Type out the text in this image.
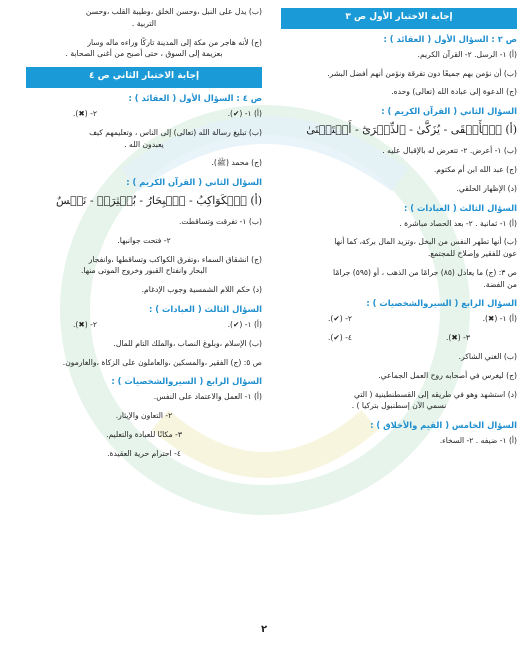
إجابة الاختبار الأول ص ٣
ص ٢ : السؤال الأول ( العقائد ) :
(أ) ١- الرسل. ٢- القرآن الكريم.
(ب) أن نؤمن بهم جميعًا دون تفرقة ونؤمن أنهم أفضل البشر.
(ج) الدعوة إلى عبادة الله (تعالى) وحده.
السؤال الثاني ( القرآن الكريم ) :
(أ) ٱلۡأَتۡقَى - يُزَكَّىٰ - ٱلذِّكۡرَىٰٓ - أَسۡتَغۡنَىٰ
(ب) ١- أعرض. ٢- تتعرض له بالإقبال عليه .
(ج) عبد الله ابن أم مكتوم.
(د) الإظهار الحلقي.
السؤال الثالث ( العبادات ) :
(أ) ١- ثمانية . ٢- بعد الحصاد مباشرة .
(ب) أنها تطهر النفس من البخل ،وتزيد المال بركة، كما أنها
عون للفقير وإصلاح للمجتمع.
ص ٣: (ج) ما يعادل (٨٥) جرامًا من الذهب ، أو (٥٩٥) جرامًا
من الفضة.
السؤال الرابع ( السيروالشخصيات ) :
(أ) ١- (✖).
٢- (✔).
٣- (✖).
٤- (✔).
(ب) الغني الشاكر.
(ج) ليغرس في أصحابه روح العمل الجماعي.
(د) استشهد وهو في طريقه إلى القسطنطينية ( التي
نسمي الآن إسطنبول بتركيا ) .
السؤال الخامس ( القيم والأخلاق ) :
(أ) ١- ضيفه . ٢- السخاء.
(ب) يدل على النبل ،وحسن الخلق ،وطيبة القلب ،وحسن
التربية .
(ج) لأنه هاجر من مكة إلى المدينة تاركًا وراءه ماله وسار
بعزيمة إلى السوق ، حتى أصبح من أغنى الصحابة .
إجابة الاختبار الثاني ص ٤
ص ٤ : السؤال الأول ( العقائد ) :
(أ) ١- (✔).
٢- (✖).
(ب) تبليغ رسالة الله (تعالى) إلى الناس ، وتعليمهم كيف
يعبدون الله .
(ج) محمد (ﷺ).
السؤال الثاني ( القرآن الكريم ) :
(أ) ٱلۡكَوَاكِبُ - ٱلۡبِحَارُ - بُعۡثِرَتۡ - نَفۡسٌ
(ب) ١- تفرقت وتساقطت.
٢- فتحت جوانبها.
(ج) انشقاق السماء ،وتفرق الكواكب وتساقطها ،وانفجار
البحار وانفتاح القبور وخروج الموتى منها.
(د) حكم اللام الشمسية وجوب الإدغام.
السؤال الثالث ( العبادات ) :
(أ) ١- (✔).
٢- (✖).
(ب) الإسلام ،وبلوغ النصاب ،والملك التام للمال.
ص ٥: (ج) الفقير ،والمسكين ،والعاملون على الزكاة ،والغارمون.
السؤال الرابع ( السيروالشخصيات ) :
(أ) ١- العمل والاعتماد على النفس.
٢- التعاون والإيثار.
٣- مكانًا للعبادة والتعليم.
٤- احترام حرية العقيدة.
٢
